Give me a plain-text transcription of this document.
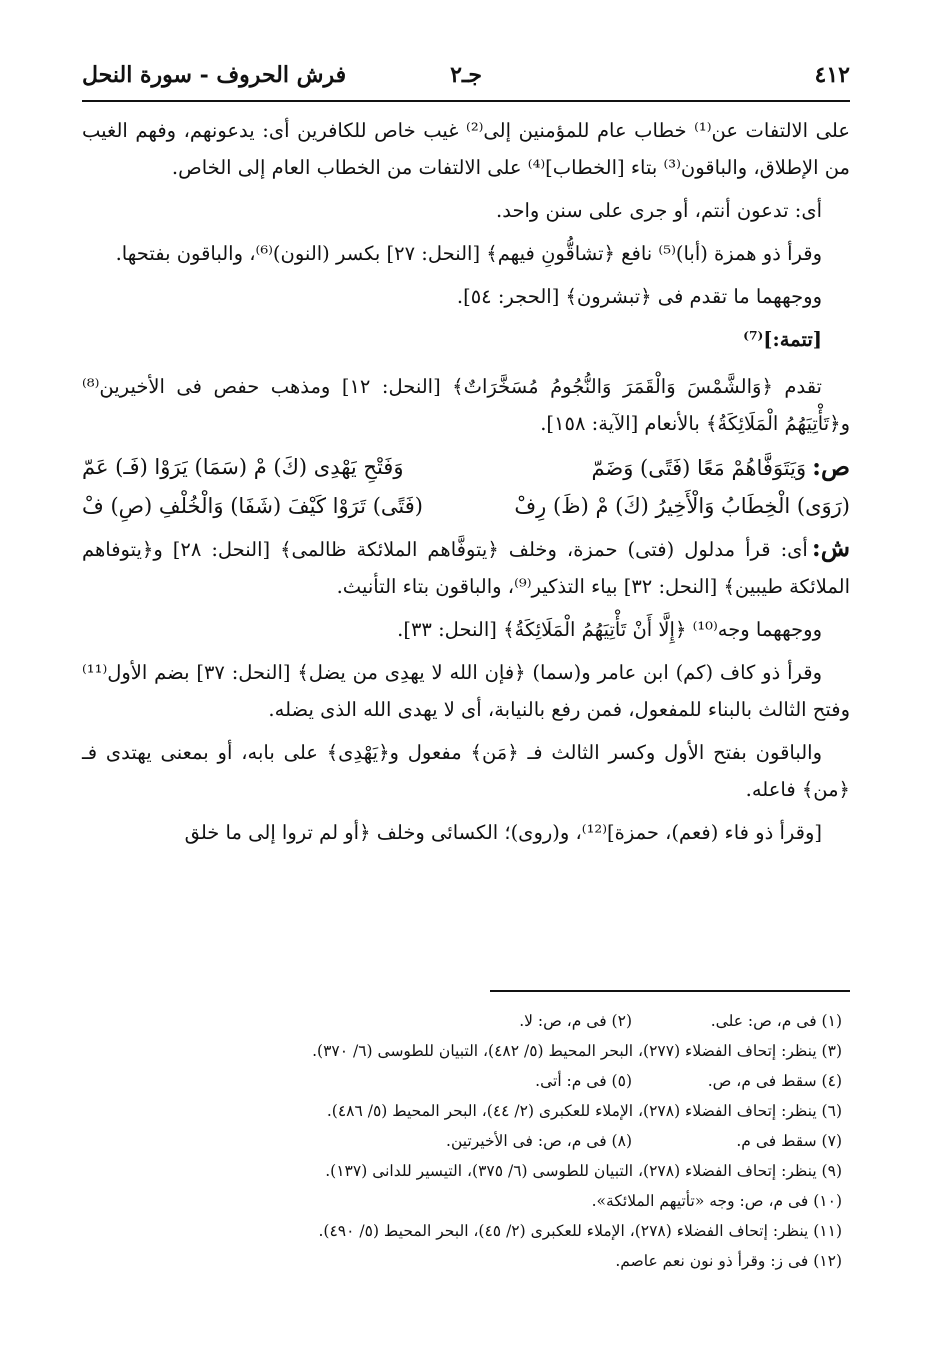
٤١٢
جـ٢
فرش الحروف - سورة النحل

على الالتفات عن⁽¹⁾ خطاب عام للمؤمنين إلى⁽²⁾ غيب خاص للكافرين أى: يدعونهم، وفهم الغيب من الإطلاق، والباقون⁽³⁾ بتاء [الخطاب]⁽⁴⁾ على الالتفات من الخطاب العام إلى الخاص.

أى: تدعون أنتم، أو جرى على سنن واحد.

وقرأ ذو همزة (أبا)⁽⁵⁾ نافع ﴿تشاقُّونِ فيهم﴾ [النحل: ٢٧] بكسر (النون)⁽⁶⁾، والباقون بفتحها.

ووجههما ما تقدم فى ﴿تبشرون﴾ [الحجر: ٥٤].

[تتمة:]⁽⁷⁾

تقدم ﴿وَالشَّمْسَ وَالْقَمَرَ وَالنُّجُومُ مُسَخَّرَاتٌ﴾ [النحل: ١٢] ومذهب حفص فى الأخيرين⁽⁸⁾ و﴿تَأْتِيَهُمُ الْمَلَائِكَةُ﴾ بالأنعام [الآية: ١٥٨].

ص:وَيَتَوَفَّاهُمْ مَعًا (فَتًى) وَضَمّ
وَفَتْحِ يَهْدِى (كَ) مْ (سَمَا) يَرَوْا (فَـ) عَمّ
(رَوَى) الْخِطَابُ وَالْأَخِيرُ (كَ) مْ (ظَ) رِفْ
(فَتًى) تَرَوْا كَيْفَ (شَفَا) وَالْخُلْفِ (صِ) فْ

ش:أى: قرأ مدلول (فتى) حمزة، وخلف ﴿يتوفَّاهم الملائكة ظالمى﴾ [النحل: ٢٨] و﴿يتوفاهم الملائكة طيبين﴾ [النحل: ٣٢] بياء التذكير⁽⁹⁾، والباقون بتاء التأنيث.

ووجههما وجه⁽¹⁰⁾ ﴿إِلَّا أَنْ تَأْتِيَهُمُ الْمَلَائِكَةُ﴾ [النحل: ٣٣].

وقرأ ذو كاف (كم) ابن عامر و(سما) ﴿فإن الله لا يهدِى من يضل﴾ [النحل: ٣٧] بضم الأول⁽¹¹⁾ وفتح الثالث بالبناء للمفعول، فمن رفع بالنيابة، أى لا يهدى الله الذى يضله.

والباقون بفتح الأول وكسر الثالث فـ ﴿مَن﴾ مفعول و﴿يَهْدِى﴾ على بابه، أو بمعنى يهتدى فـ ﴿من﴾ فاعله.

[وقرأ ذو فاء (فعم)، حمزة]⁽¹²⁾، و(روى)؛ الكسائى وخلف ﴿أو لم تروا إلى ما خلق

(١) فى م، ص: على.
(٢) فى م، ص: لا.
(٣) ينظر: إتحاف الفضلاء (٢٧٧)، البحر المحيط (٥/ ٤٨٢)، التبيان للطوسى (٦/ ٣٧٠).
(٤) سقط فى م، ص.
(٥) فى م: أتى.
(٦) ينظر: إتحاف الفضلاء (٢٧٨)، الإملاء للعكبرى (٢/ ٤٤)، البحر المحيط (٥/ ٤٨٦).
(٧) سقط فى م.
(٨) فى م، ص: فى الأخيرتين.
(٩) ينظر: إتحاف الفضلاء (٢٧٨)، التبيان للطوسى (٦/ ٣٧٥)، التيسير للدانى (١٣٧).
(١٠) فى م، ص: وجه «تأتيهم الملائكة».
(١١) ينظر: إتحاف الفضلاء (٢٧٨)، الإملاء للعكبرى (٢/ ٤٥)، البحر المحيط (٥/ ٤٩٠).
(١٢) فى ز: وقرأ ذو نون نعم عاصم.
